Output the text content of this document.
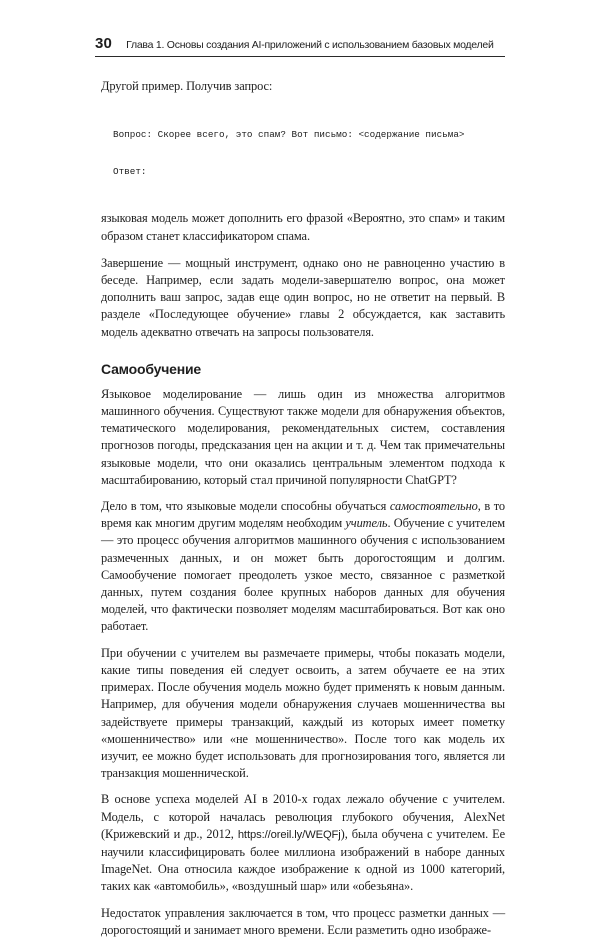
30 Глава 1. Основы создания AI-приложений с использованием базовых моделей

Другой пример. Получив запрос:

Вопрос: Скорее всего, это спам? Вот письмо: <содержание письма>

Ответ:

языковая модель может дополнить его фразой «Вероятно, это спам» и таким образом станет классификатором спама.

Завершение — мощный инструмент, однако оно не равноценно участию в беседе. Например, если задать модели-завершателю вопрос, она может дополнить ваш запрос, задав еще один вопрос, но не ответит на первый. В разделе «Последующее обучение» главы 2 обсуждается, как заставить модель адекватно отвечать на запросы пользователя.

Самообучение

Языковое моделирование — лишь один из множества алгоритмов машинного обучения. Существуют также модели для обнаружения объектов, тематического моделирования, рекомендательных систем, составления прогнозов погоды, предсказания цен на акции и т. д. Чем так примечательны языковые модели, что они оказались центральным элементом подхода к масштабированию, который стал причиной популярности ChatGPT?

Дело в том, что языковые модели способны обучаться самостоятельно, в то время как многим другим моделям необходим учитель. Обучение с учителем — это процесс обучения алгоритмов машинного обучения с использованием размеченных данных, и он может быть дорогостоящим и долгим. Самообучение помогает преодолеть узкое место, связанное с разметкой данных, путем создания более крупных наборов данных для обучения моделей, что фактически позволяет моделям масштабироваться. Вот как оно работает.

При обучении с учителем вы размечаете примеры, чтобы показать модели, какие типы поведения ей следует освоить, а затем обучаете ее на этих примерах. После обучения модель можно будет применять к новым данным. Например, для обучения модели обнаружения случаев мошенничества вы задействуете примеры транзакций, каждый из которых имеет пометку «мошенничество» или «не мошенничество». После того как модель их изучит, ее можно будет использовать для прогнозирования того, является ли транзакция мошеннической.

В основе успеха моделей AI в 2010-х годах лежало обучение с учителем. Модель, с которой началась революция глубокого обучения, AlexNet (Крижевский и др., 2012, https://oreil.ly/WEQFj), была обучена с учителем. Ее научили классифицировать более миллиона изображений в наборе данных ImageNet. Она относила каждое изображение к одной из 1000 категорий, таких как «автомобиль», «воздушный шар» или «обезьяна».

Недостаток управления заключается в том, что процесс разметки данных — дорогостоящий и занимает много времени. Если разметить одно изображе-
